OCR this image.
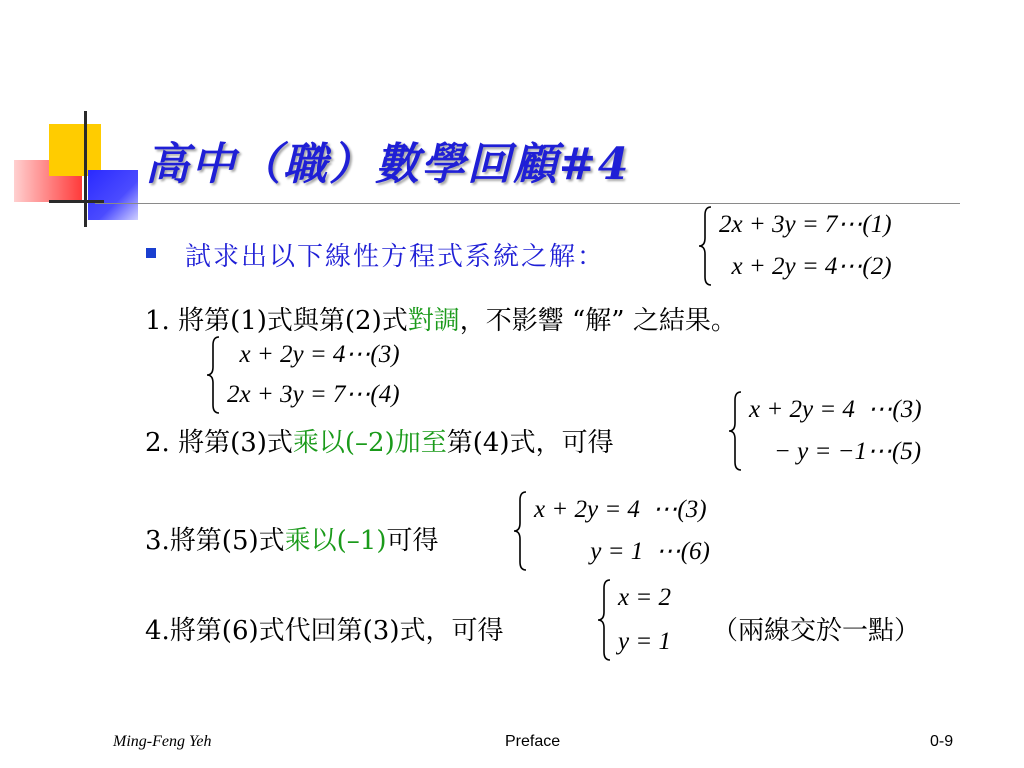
高中（職）數學回顧#4
試求出以下線性方程式系統之解：
2x + 3y = 7⋯(1)
x + 2y = 4⋯(2)
1. 將第(1)式與第(2)式對調，不影響 “解” 之結果。
x + 2y = 4⋯(3)
2x + 3y = 7⋯(4)
2. 將第(3)式乘以(–2)加至第(4)式，可得
x + 2y = 4  ⋯(3)
− y = −1⋯(5)
3.將第(5)式乘以(–1)可得
x + 2y = 4  ⋯(3)
y = 1  ⋯(6)
4.將第(6)式代回第(3)式，可得
x = 2
y = 1 （兩線交於一點）
Ming-Feng Yeh	Preface	0-9
